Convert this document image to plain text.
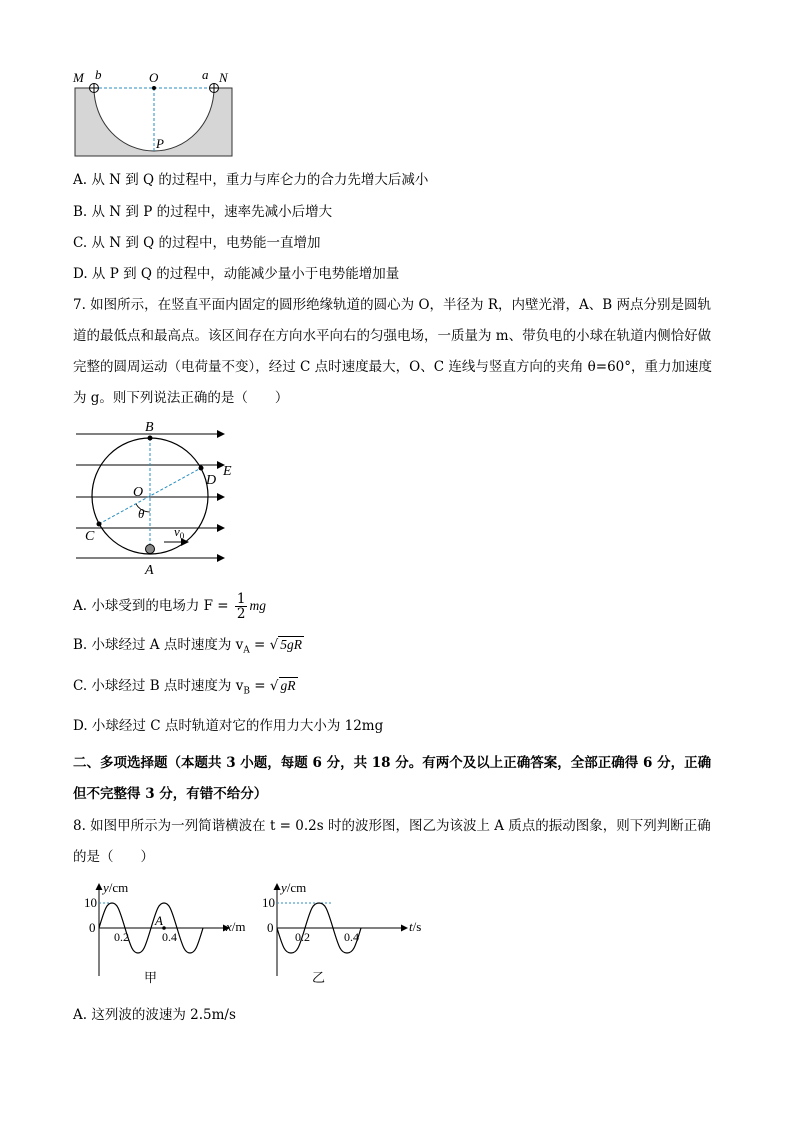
M b	O	a N
P
A. 从 N 到 Q 的过程中，重力与库仑力的合力先增大后减小
B. 从 N 到 P 的过程中，速率先减小后增大
C. 从 N 到 Q 的过程中，电势能一直增加
D. 从 P 到 Q 的过程中，动能减少量小于电势能增加量
7. 如图所示，在竖直平面内固定的圆形绝缘轨道的圆心为 O，半径为 R，内壁光滑，A、B 两点分别是圆轨道的最低点和最高点。该区间存在方向水平向右的匀强电场，一质量为 m、带负电的小球在轨道内侧恰好做完整的圆周运动（电荷量不变），经过 C 点时速度最大，O、C 连线与竖直方向的夹角 θ=60°，重力加速度为 g。则下列说法正确的是（　　）
B
E
D
O
θ
C	$v_0$
A
A. 小球受到的电场力 $F = \frac{1}{2}$ mg
B. 小球经过 A 点时速度为 $v_A$ = √ 5gR
C. 小球经过 B 点时速度为 $v_B$ = √ gR
D. 小球经过 C 点时轨道对它的作用力大小为 12mg
二、多项选择题（本题共 3 小题，每题 6 分，共 18 分。有两个及以上正确答案，全部正确得 6 分，正确但不完整得 3 分，有错不给分）
8. 如图甲所示为一列简谐横波在 t = 0.2s 时的波形图，图乙为该波上 A 质点的振动图象，则下列判断正确的是（　　）
y/cm
x/m
10
0
0.2	0.4
A
甲
y/cm
t/s
10
0
0.2	0.4
乙
A. 这列波的波速为 2.5m/s
